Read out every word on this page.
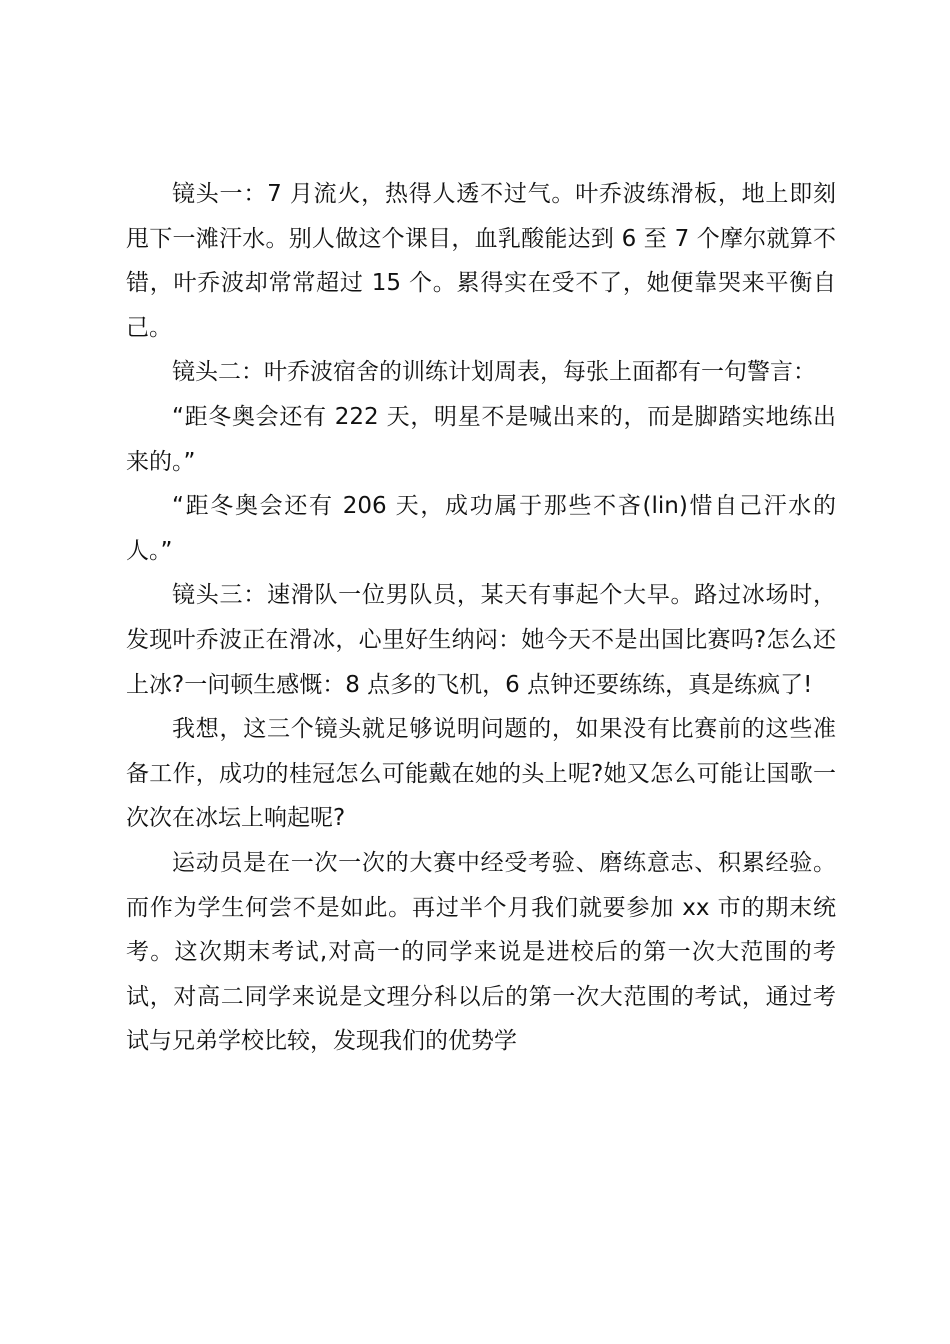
镜头一：7 月流火，热得人透不过气。叶乔波练滑板，地上即刻甩下一滩汗水。别人做这个课目，血乳酸能达到 6 至 7 个摩尔就算不错，叶乔波却常常超过 15 个。累得实在受不了，她便靠哭来平衡自己。

镜头二：叶乔波宿舍的训练计划周表，每张上面都有一句警言：

“距冬奥会还有 222 天，明星不是喊出来的，而是脚踏实地练出来的。”

“距冬奥会还有 206 天，成功属于那些不吝(lin)惜自己汗水的人。”

镜头三：速滑队一位男队员，某天有事起个大早。路过冰场时，发现叶乔波正在滑冰，心里好生纳闷：她今天不是出国比赛吗?怎么还上冰?一问顿生感慨：8 点多的飞机，6 点钟还要练练，真是练疯了!

我想，这三个镜头就足够说明问题的，如果没有比赛前的这些准备工作，成功的桂冠怎么可能戴在她的头上呢?她又怎么可能让国歌一次次在冰坛上响起呢?

运动员是在一次一次的大赛中经受考验、磨练意志、积累经验。而作为学生何尝不是如此。再过半个月我们就要参加 xx 市的期末统考。这次期末考试,对高一的同学来说是进校后的第一次大范围的考试，对高二同学来说是文理分科以后的第一次大范围的考试，通过考试与兄弟学校比较，发现我们的优势学
